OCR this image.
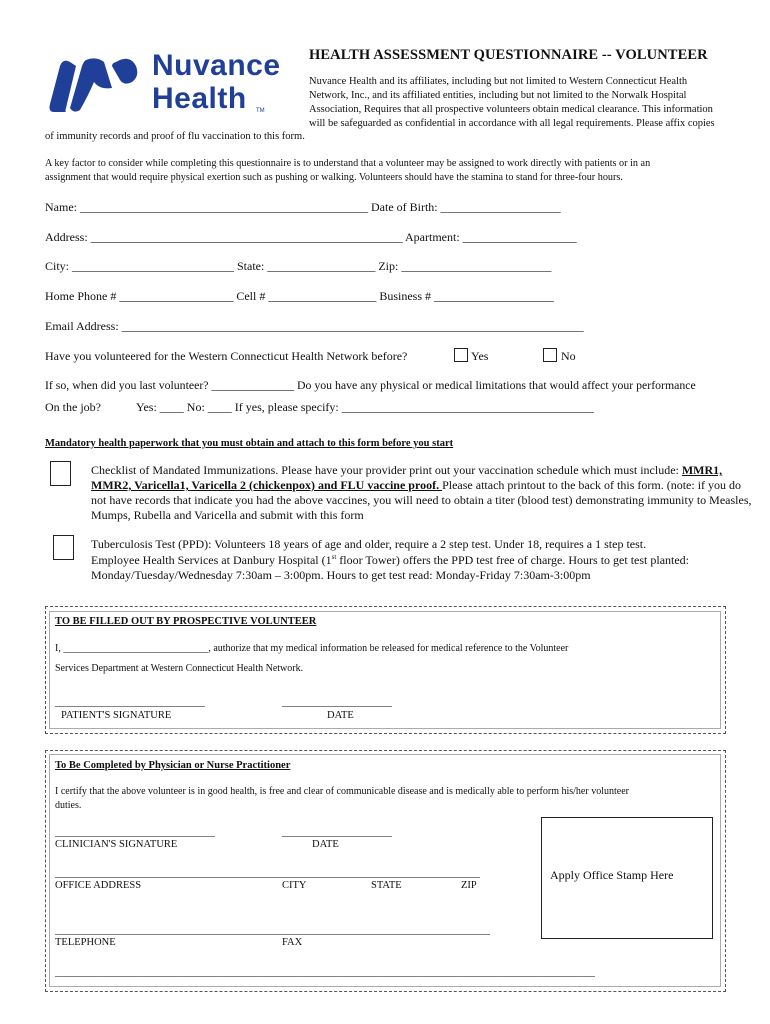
Nuvance
Health TM
HEALTH ASSESSMENT QUESTIONNAIRE -- VOLUNTEER
Nuvance Health and its affiliates, including but not limited to Western Connecticut Health
Network, Inc., and its affiliated entities, including but not limited to the Norwalk Hospital
Association, Requires that all prospective volunteers obtain medical clearance. This information
will be safeguarded as confidential in accordance with all legal requirements. Please affix copies
of immunity records and proof of flu vaccination to this form.
A key factor to consider while completing this questionnaire is to understand that a volunteer may be assigned to work directly with patients or in an
assignment that would require physical exertion such as pushing or walking. Volunteers should have the stamina to stand for three-four hours.
Name: ________________________________________________ Date of Birth: ____________________
Address: ____________________________________________________ Apartment: ___________________
City: ___________________________ State: __________________ Zip: _________________________
Home Phone # ___________________ Cell # __________________ Business # ____________________
Email Address: _____________________________________________________________________________
Have you volunteered for the Western Connecticut Health Network before?	Yes	No
If so, when did you last volunteer? ______________ Do you have any physical or medical limitations that would affect your performance
On the job?	Yes: ____ No: ____ If yes, please specify: __________________________________________
Mandatory health paperwork that you must obtain and attach to this form before you start
Checklist of Mandated Immunizations. Please have your provider print out your vaccination schedule which must include: MMR1, MMR2, Varicella1, Varicella 2 (chickenpox) and FLU vaccine proof. Please attach printout to the back of this form. (note: if you do not have records that indicate you had the above vaccines, you will need to obtain a titer (blood test) demonstrating immunity to Measles, Mumps, Rubella and Varicella and submit with this form
Tuberculosis Test (PPD): Volunteers 18 years of age and older, require a 2 step test. Under 18, requires a 1 step test.
Employee Health Services at Danbury Hospital (1st floor Tower) offers the PPD test free of charge. Hours to get test planted:
Monday/Tuesday/Wednesday 7:30am – 3:00pm. Hours to get test read: Monday-Friday 7:30am-3:00pm
TO BE FILLED OUT BY PROSPECTIVE VOLUNTEER
I, _____________________________, authorize that my medical information be released for medical reference to the Volunteer
Services Department at Western Connecticut Health Network.
______________________________
PATIENT'S SIGNATURE
______________________
DATE
To Be Completed by Physician or Nurse Practitioner
I certify that the above volunteer is in good health, is free and clear of communicable disease and is medically able to perform his/her volunteer
duties.
________________________________
CLINICIAN'S SIGNATURE
______________________
DATE
_____________________________________________________________________________________
OFFICE ADDRESS	CITY	STATE	ZIP
_______________________________________________________________________________________
TELEPHONE	FAX
Apply Office Stamp Here
____________________________________________________________________________________________________________
